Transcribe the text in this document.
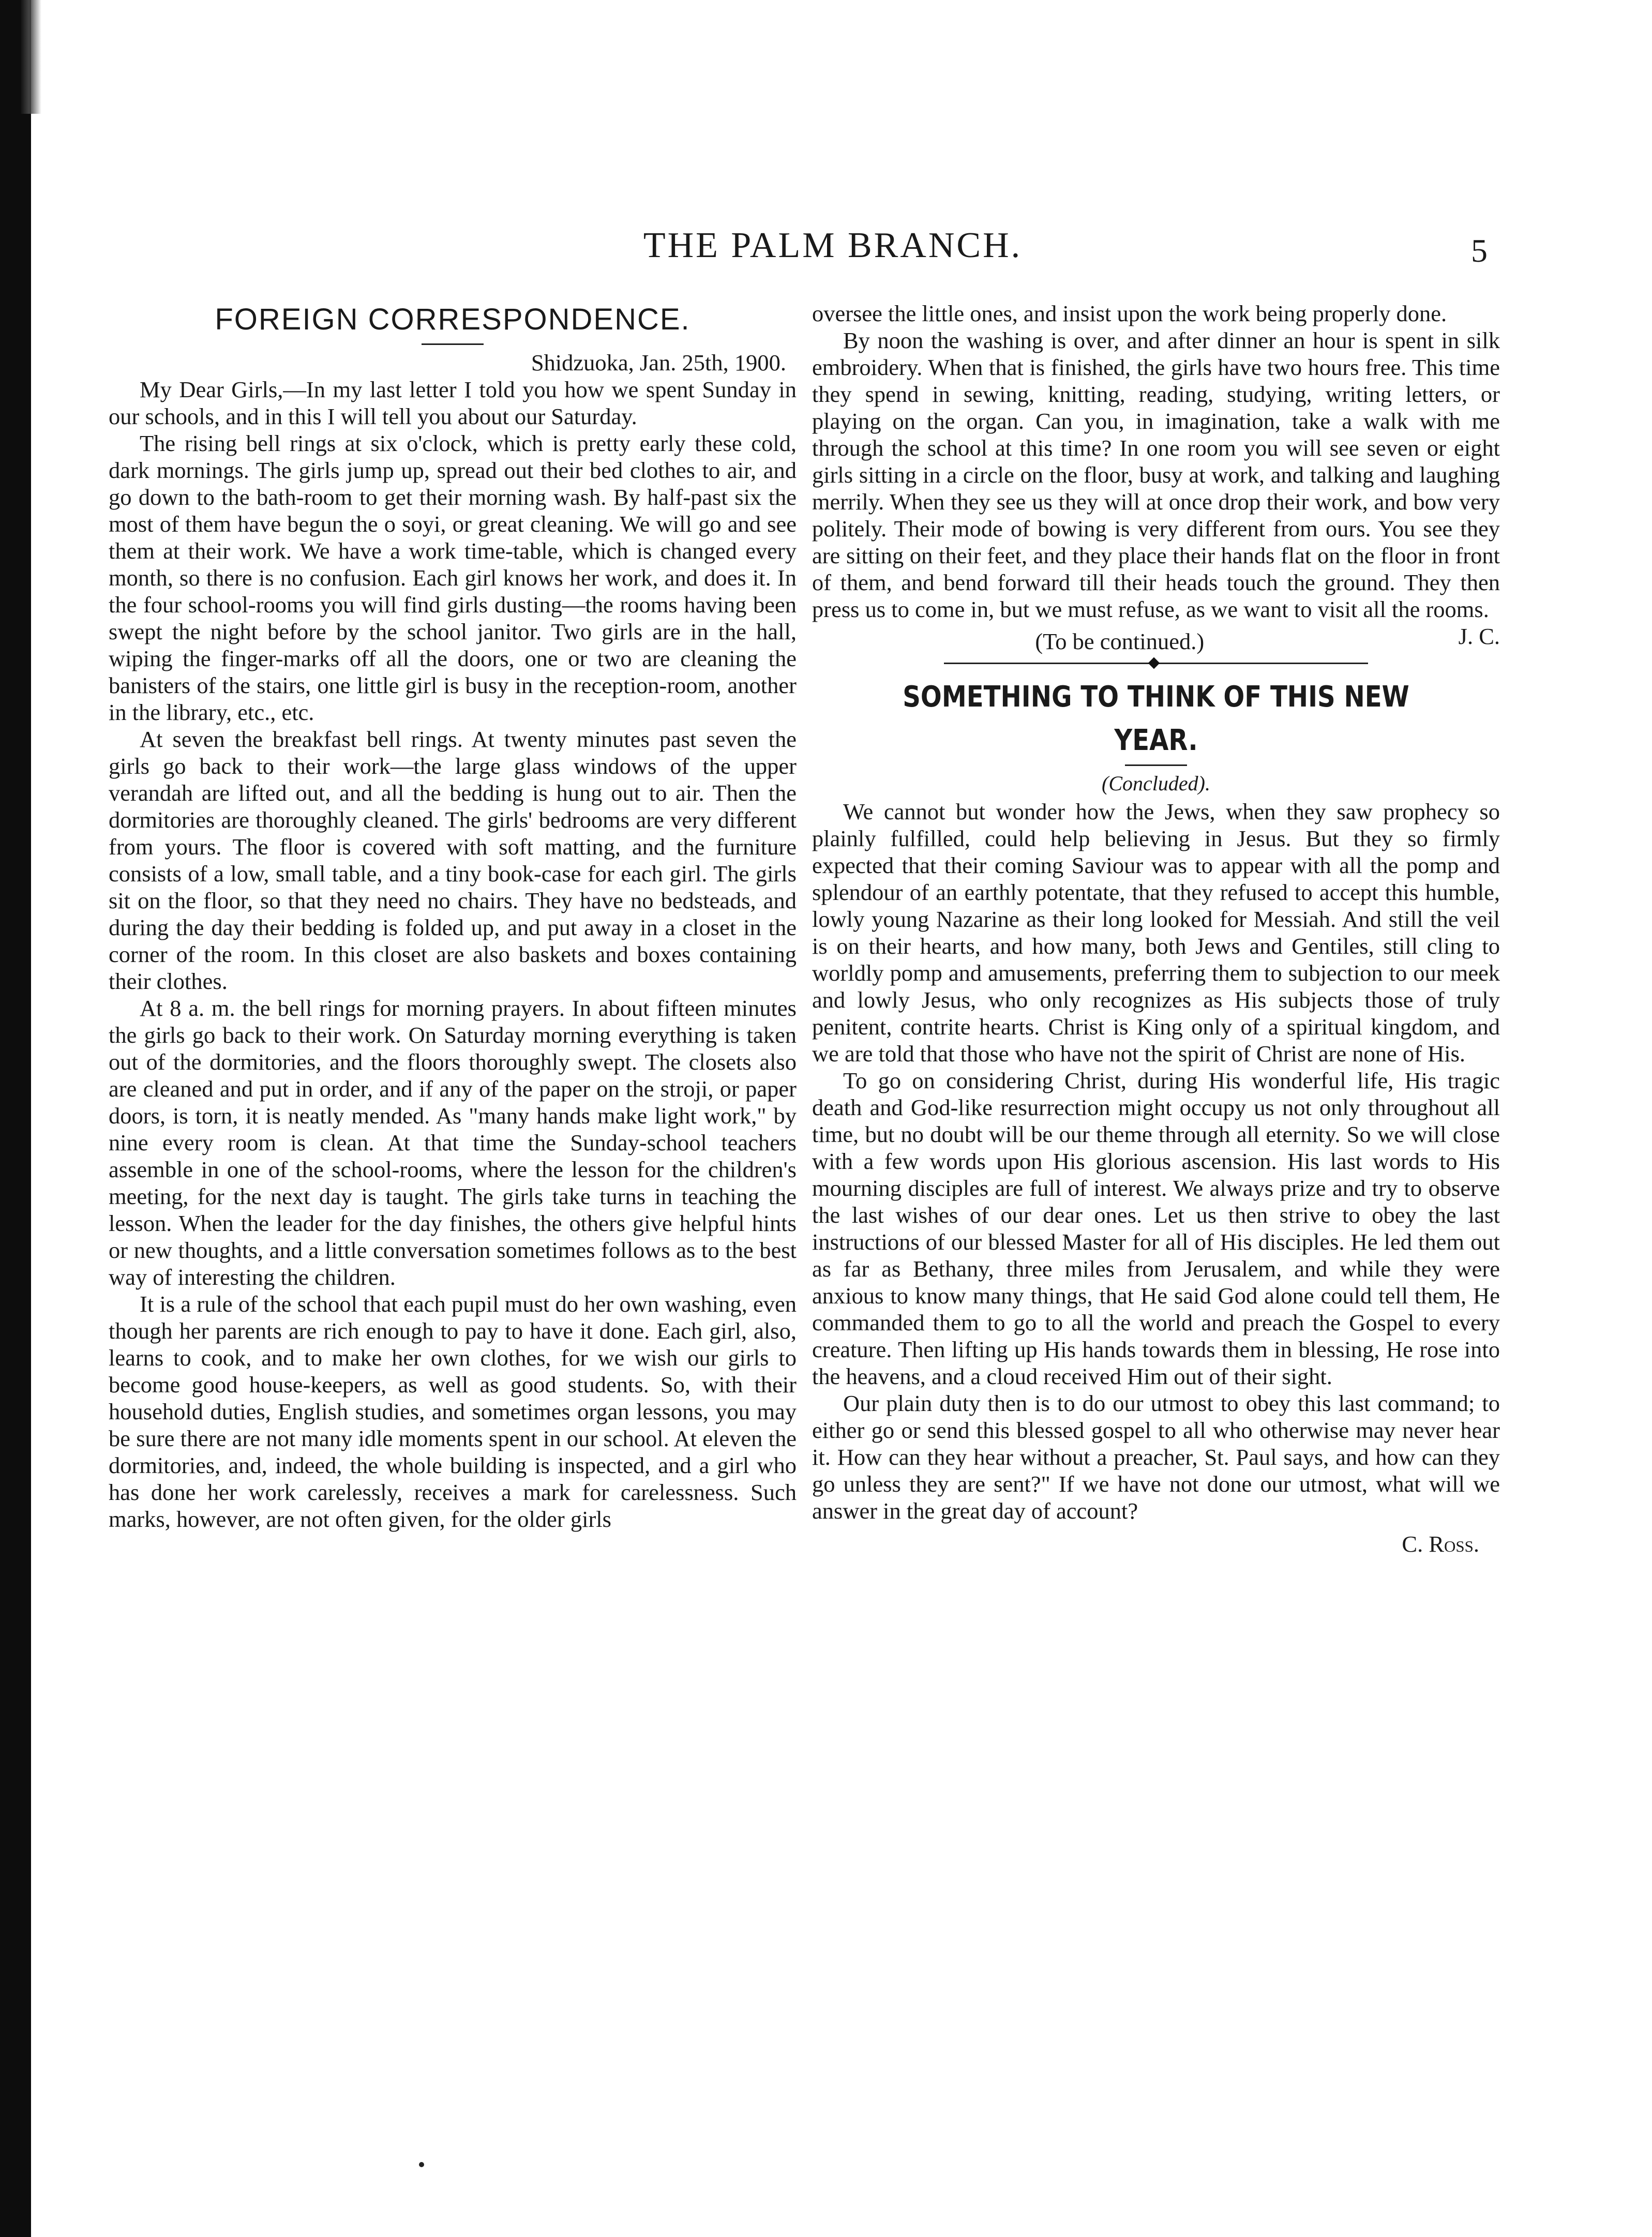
THE PALM BRANCH.	5
FOREIGN CORRESPONDENCE.

Shidzuoka, Jan. 25th, 1900.

My Dear Girls,—In my last letter I told you how we spent Sunday in our schools, and in this I will tell you about our Saturday.

The rising bell rings at six o'clock, which is pretty early these cold, dark mornings. The girls jump up, spread out their bed clothes to air, and go down to the bath-room to get their morning wash. By half-past six the most of them have begun the o soyi, or great cleaning. We will go and see them at their work. We have a work time-table, which is changed every month, so there is no confusion. Each girl knows her work, and does it. In the four school-rooms you will find girls dusting—the rooms having been swept the night before by the school janitor. Two girls are in the hall, wiping the finger-marks off all the doors, one or two are cleaning the banisters of the stairs, one little girl is busy in the reception-room, another in the library, etc., etc.

At seven the breakfast bell rings. At twenty minutes past seven the girls go back to their work—the large glass windows of the upper verandah are lifted out, and all the bedding is hung out to air. Then the dormitories are thoroughly cleaned. The girls' bedrooms are very different from yours. The floor is covered with soft matting, and the furniture consists of a low, small table, and a tiny book-case for each girl. The girls sit on the floor, so that they need no chairs. They have no bedsteads, and during the day their bedding is folded up, and put away in a closet in the corner of the room. In this closet are also baskets and boxes containing their clothes.

At 8 a. m. the bell rings for morning prayers. In about fifteen minutes the girls go back to their work. On Saturday morning everything is taken out of the dormitories, and the floors thoroughly swept. The closets also are cleaned and put in order, and if any of the paper on the stroji, or paper doors, is torn, it is neatly mended. As "many hands make light work," by nine every room is clean. At that time the Sunday-school teachers assemble in one of the school-rooms, where the lesson for the children's meeting, for the next day is taught. The girls take turns in teaching the lesson. When the leader for the day finishes, the others give helpful hints or new thoughts, and a little conversation sometimes follows as to the best way of interesting the children.

It is a rule of the school that each pupil must do her own washing, even though her parents are rich enough to pay to have it done. Each girl, also, learns to cook, and to make her own clothes, for we wish our girls to become good house-keepers, as well as good students. So, with their household duties, English studies, and sometimes organ lessons, you may be sure there are not many idle moments spent in our school. At eleven the dormitories, and, indeed, the whole building is inspected, and a girl who has done her work carelessly, receives a mark for carelessness. Such marks, however, are not often given, for the older girls

oversee the little ones, and insist upon the work being properly done.

By noon the washing is over, and after dinner an hour is spent in silk embroidery. When that is finished, the girls have two hours free. This time they spend in sewing, knitting, reading, studying, writing letters, or playing on the organ. Can you, in imagination, take a walk with me through the school at this time? In one room you will see seven or eight girls sitting in a circle on the floor, busy at work, and talking and laughing merrily. When they see us they will at once drop their work, and bow very politely. Their mode of bowing is very different from ours. You see they are sitting on their feet, and they place their hands flat on the floor in front of them, and bend forward till their heads touch the ground. They then press us to come in, but we must refuse, as we want to visit all the rooms.
J. C.

(To be continued.)
SOMETHING TO THINK OF THIS NEW YEAR.
(Concluded).

We cannot but wonder how the Jews, when they saw prophecy so plainly fulfilled, could help believing in Jesus. But they so firmly expected that their coming Saviour was to appear with all the pomp and splendour of an earthly potentate, that they refused to accept this humble, lowly young Nazarine as their long looked for Messiah. And still the veil is on their hearts, and how many, both Jews and Gentiles, still cling to worldly pomp and amusements, preferring them to subjection to our meek and lowly Jesus, who only recognizes as His subjects those of truly penitent, contrite hearts. Christ is King only of a spiritual kingdom, and we are told that those who have not the spirit of Christ are none of His.

To go on considering Christ, during His wonderful life, His tragic death and God-like resurrection might occupy us not only throughout all time, but no doubt will be our theme through all eternity. So we will close with a few words upon His glorious ascension. His last words to His mourning disciples are full of interest. We always prize and try to observe the last wishes of our dear ones. Let us then strive to obey the last instructions of our blessed Master for all of His disciples. He led them out as far as Bethany, three miles from Jerusalem, and while they were anxious to know many things, that He said God alone could tell them, He commanded them to go to all the world and preach the Gospel to every creature. Then lifting up His hands towards them in blessing, He rose into the heavens, and a cloud received Him out of their sight.

Our plain duty then is to do our utmost to obey this last command; to either go or send this blessed gospel to all who otherwise may never hear it. How can they hear without a preacher, St. Paul says, and how can they go unless they are sent?" If we have not done our utmost, what will we answer in the great day of account?

C. Ross.
